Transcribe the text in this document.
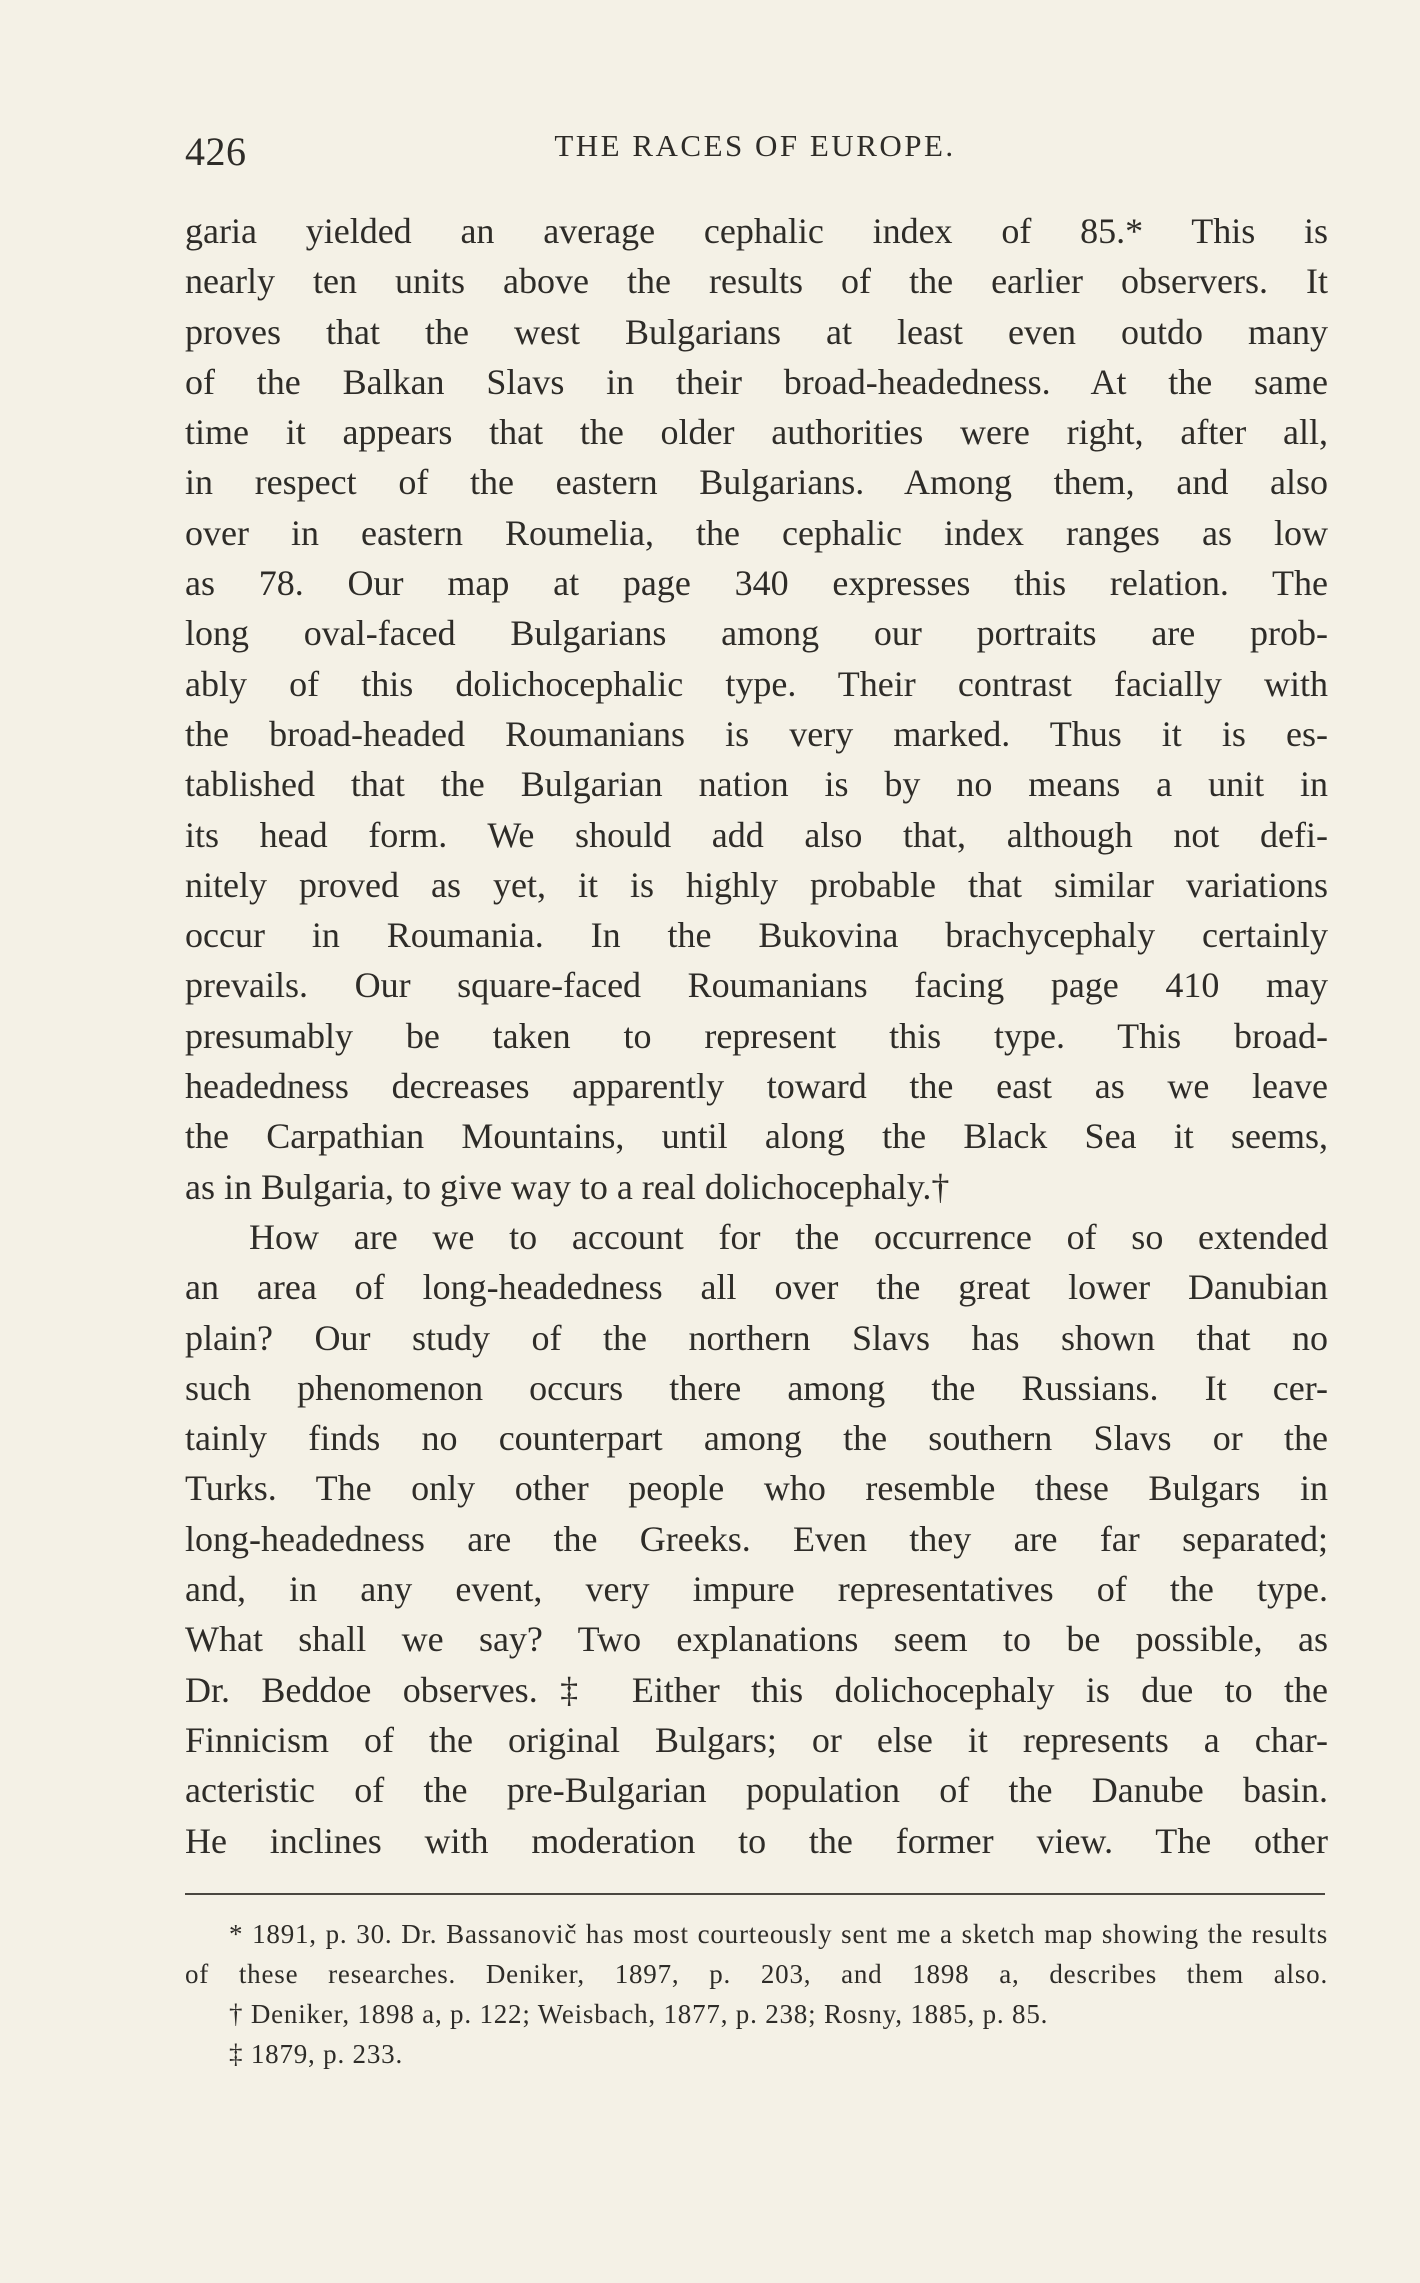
426	THE RACES OF EUROPE.

garia yielded an average cephalic index of 85.* This is

nearly ten units above the results of the earlier observers. It

proves that the west Bulgarians at least even outdo many

of the Balkan Slavs in their broad-headedness. At the same

time it appears that the older authorities were right, after all,

in respect of the eastern Bulgarians. Among them, and also

over in eastern Roumelia, the cephalic index ranges as low

as 78. Our map at page 340 expresses this relation. The

long oval-faced Bulgarians among our portraits are prob-

ably of this dolichocephalic type. Their contrast facially with

the broad-headed Roumanians is very marked. Thus it is es-

tablished that the Bulgarian nation is by no means a unit in

its head form. We should add also that, although not defi-

nitely proved as yet, it is highly probable that similar variations

occur in Roumania. In the Bukovina brachycephaly certainly

prevails. Our square-faced Roumanians facing page 410 may

presumably be taken to represent this type. This broad-

headedness decreases apparently toward the east as we leave

the Carpathian Mountains, until along the Black Sea it seems,

as in Bulgaria, to give way to a real dolichocephaly.†

How are we to account for the occurrence of so extended

an area of long-headedness all over the great lower Danubian

plain? Our study of the northern Slavs has shown that no

such phenomenon occurs there among the Russians. It cer-

tainly finds no counterpart among the southern Slavs or the

Turks. The only other people who resemble these Bulgars in

long-headedness are the Greeks. Even they are far separated;

and, in any event, very impure representatives of the type.

What shall we say? Two explanations seem to be possible, as

Dr. Beddoe observes.‡ Either this dolichocephaly is due to the

Finnicism of the original Bulgars; or else it represents a char-

acteristic of the pre-Bulgarian population of the Danube basin.

He inclines with moderation to the former view. The other

* 1891, p. 30. Dr. Bassanovič has most courteously sent me a sketch map showing the results of these researches. Deniker, 1897, p. 203, and 1898 a, describes them also.

† Deniker, 1898 a, p. 122; Weisbach, 1877, p. 238; Rosny, 1885, p. 85.

‡ 1879, p. 233.
